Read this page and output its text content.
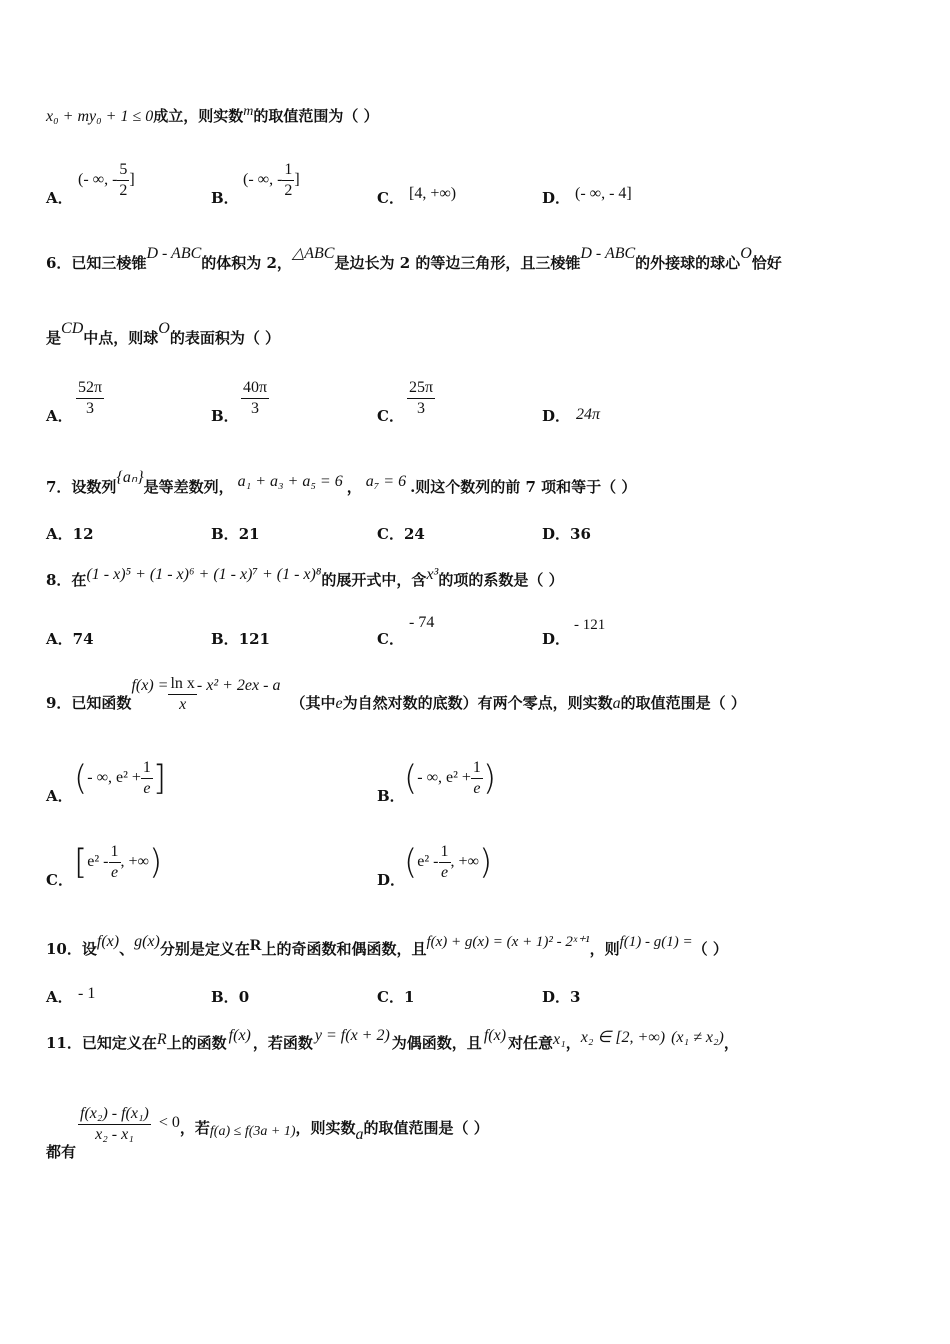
x₀ + my₀ + 1 ≤ 0成立，则实数$^m$的取值范围为（ ）
A．
(- ∞, - $\frac{5}{2}$ ]
B．
(- ∞, - $\frac{1}{2}$ ]
C． [4, +∞)	D． (- ∞, - 4]
6．已知三棱锥D - ABC的体积为 2，△ABC是边长为 2 的等边三角形，且三棱锥D - ABC的外接球的球心O恰好
是CD中点，则球O的表面积为（ ）
A． $\frac{52\pi}{3}$	B． $\frac{40\pi}{3}$	C． $\frac{25\pi}{3}$	D． 24π
7．设数列{aₙ}是等差数列， a₁ + a₃ + a₅ = 6 ， a₇ = 6 .则这个数列的前 7 项和等于（ ）
A．12	B．21	C．24	D．36
8．在(1 - x)⁵ + (1 - x)⁶ + (1 - x)⁷ + (1 - x)⁸的展开式中，含x³的项的系数是（ ）
A．74	B．121	C．
- 74
D．
- 121
9．已知函数$f(x) = \frac{\text{ln x}}{x} - x^2 + 2ex - a$（其中e为自然对数的底数）有两个零点，则实数a的取值范围是（ ）
A． (- ∞, $e^2 + \frac{1}{e}$ ]	B． (- ∞, $e^2 + \frac{1}{e}$ )
C． [$e^2 - \frac{1}{e}$ , +∞)	D．
($e^2 - \frac{1}{e}$ , +∞)
10．设f(x)、g(x)分别是定义在R上的奇函数和偶函数，且f(x) + g(x) = (x + 1)² - 2ˣ⁺¹，则f(1) - g(1) =（ ）
A． - 1	B．0	C．1	D．3
11．已知定义在R上的函数 f(x) ，若函数 y = f(x + 2) 为偶函数，且 f(x) 对任意x₁，x₂ ∈ [2, +∞) (x₁ ≠ x₂)，
都有
$\frac{\text{f(x₂) - f(x₁)}}{\text{x₂ - x₁}} < 0$，若f(a) ≤ f(3a + 1)，则实数a的取值范围是（ ）
